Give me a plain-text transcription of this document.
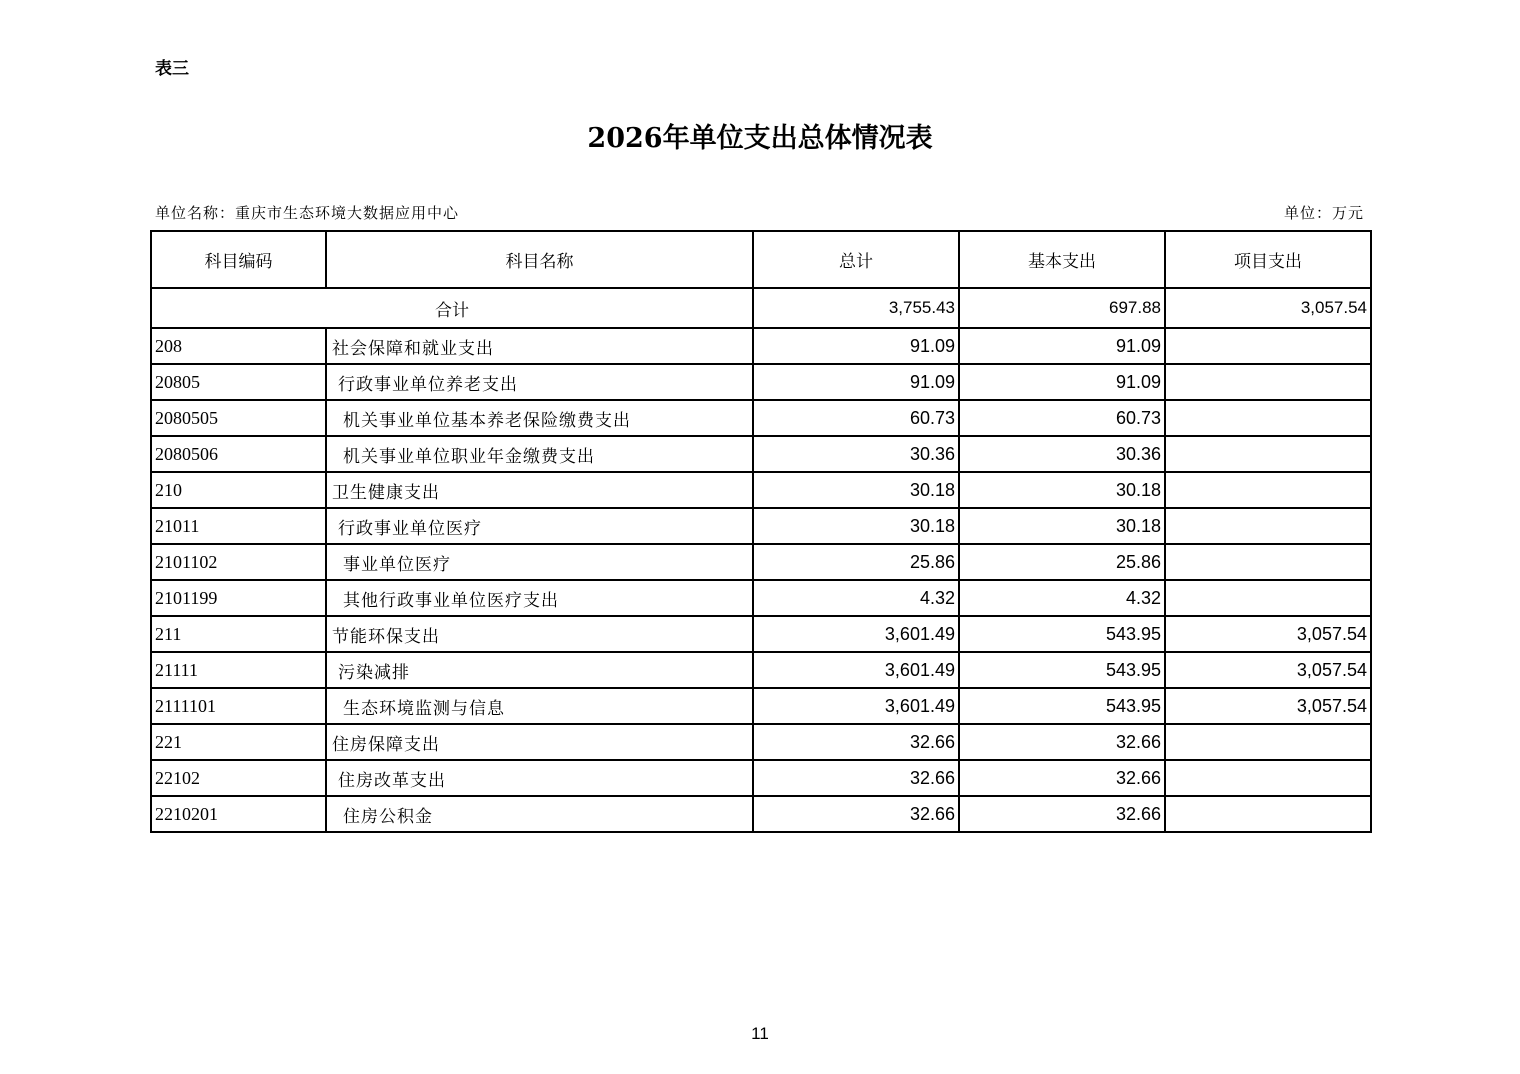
表三
2026年单位支出总体情况表
单位名称：重庆市生态环境大数据应用中心	单位：万元
科目编码	科目名称	总计	基本支出	项目支出
合计		3,755.43	697.88	3,057.54
208	社会保障和就业支出	91.09	91.09	
20805	行政事业单位养老支出	91.09	91.09	
2080505	机关事业单位基本养老保险缴费支出	60.73	60.73	
2080506	机关事业单位职业年金缴费支出	30.36	30.36	
210	卫生健康支出	30.18	30.18	
21011	行政事业单位医疗	30.18	30.18	
2101102	事业单位医疗	25.86	25.86	
2101199	其他行政事业单位医疗支出	4.32	4.32	
211	节能环保支出	3,601.49	543.95	3,057.54
21111	污染减排	3,601.49	543.95	3,057.54
2111101	生态环境监测与信息	3,601.49	543.95	3,057.54
221	住房保障支出	32.66	32.66	
22102	住房改革支出	32.66	32.66	
2210201	住房公积金	32.66	32.66	
11
